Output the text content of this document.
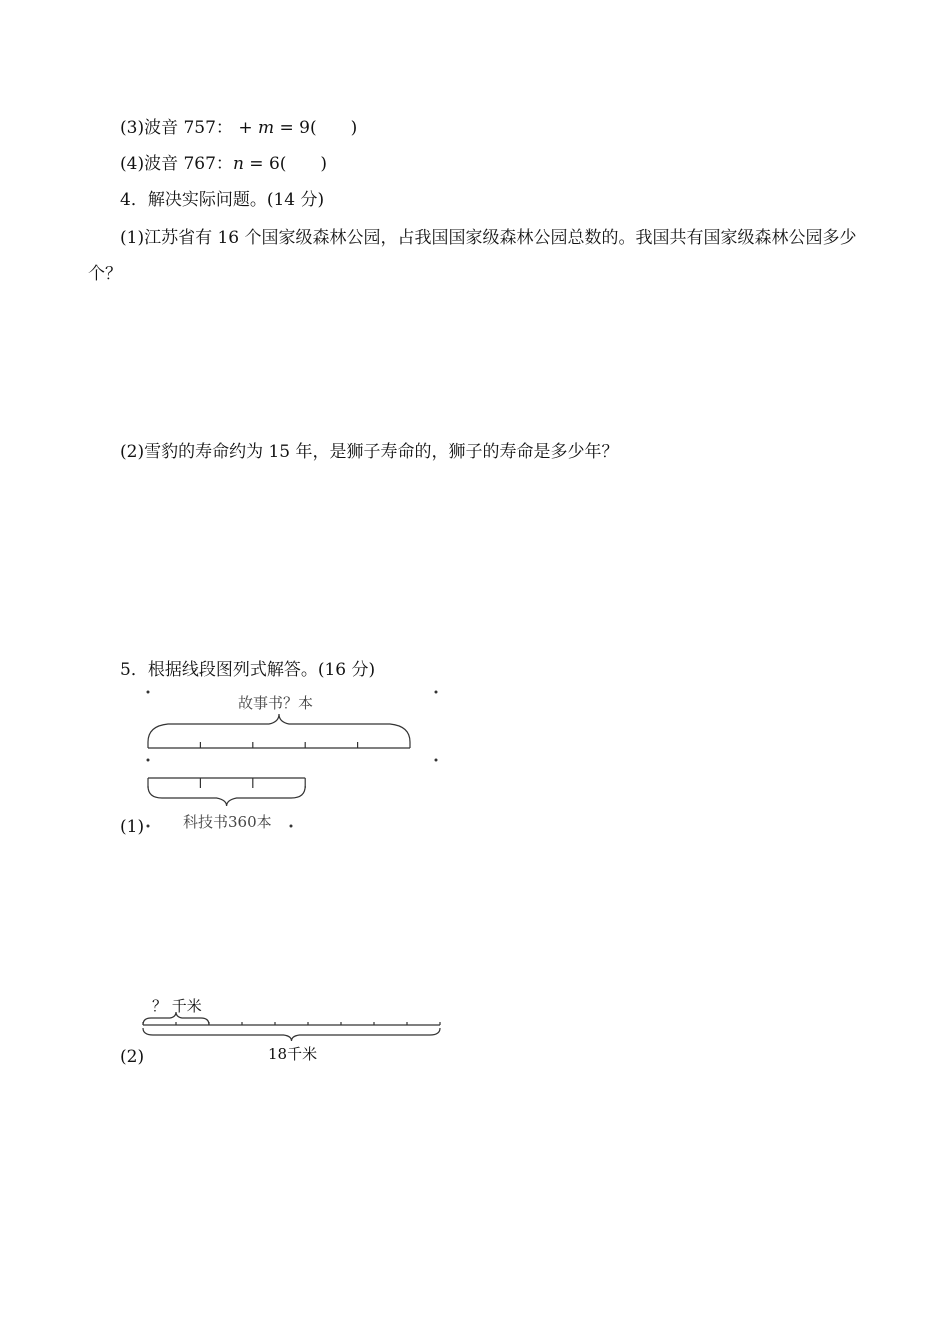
(3)波音 757： + m = 9(　　)
(4)波音 767：n = 6(　　)
4．解决实际问题。(14 分)
(1)江苏省有 16 个国家级森林公园，占我国国家级森林公园总数的。我国共有国家级森林公园多少个？
(2)雪豹的寿命约为 15 年，是狮子寿命的，狮子的寿命是多少年？
5．根据线段图列式解答。(16 分)
故事书？本
科技书360本
(1)
？ 千米
18千米
(2)
